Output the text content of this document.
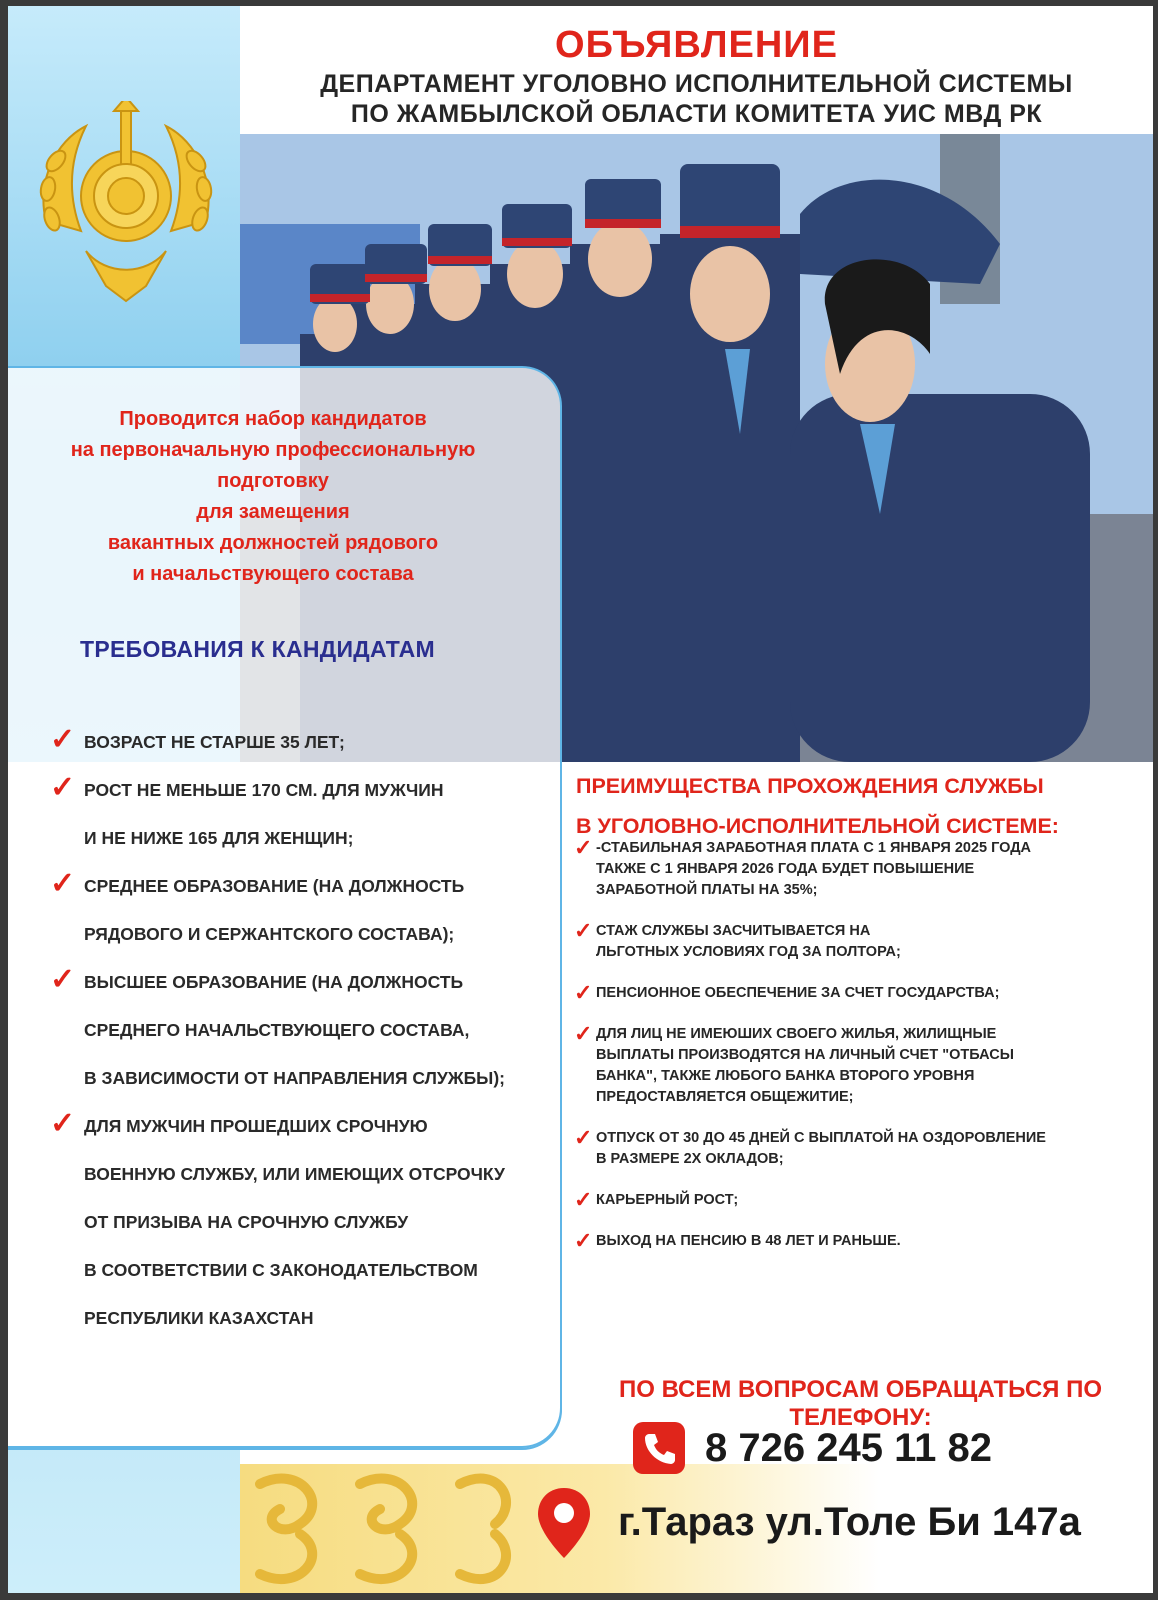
ОБЪЯВЛЕНИЕ
ДЕПАРТАМЕНТ УГОЛОВНО ИСПОЛНИТЕЛЬНОЙ СИСТЕМЫ
ПО ЖАМБЫЛСКОЙ ОБЛАСТИ КОМИТЕТА УИС МВД РК
Проводится набор кандидатов
на первоначальную профессиональную
подготовку
для замещения
вакантных должностей рядового
и начальствующего состава
ТРЕБОВАНИЯ К КАНДИДАТАМ
✓ ВОЗРАСТ НЕ СТАРШЕ 35 ЛЕТ;
✓ РОСТ НЕ МЕНЬШЕ 170 СМ. ДЛЯ МУЖЧИН
И НЕ НИЖЕ 165 ДЛЯ ЖЕНЩИН;
✓ СРЕДНЕЕ ОБРАЗОВАНИЕ (НА ДОЛЖНОСТЬ
РЯДОВОГО И СЕРЖАНТСКОГО СОСТАВА);
✓ ВЫСШЕЕ ОБРАЗОВАНИЕ (НА ДОЛЖНОСТЬ
СРЕДНЕГО НАЧАЛЬСТВУЮЩЕГО СОСТАВА,
В ЗАВИСИМОСТИ ОТ НАПРАВЛЕНИЯ СЛУЖБЫ);
✓ ДЛЯ МУЖЧИН ПРОШЕДШИХ СРОЧНУЮ
ВОЕННУЮ СЛУЖБУ, ИЛИ ИМЕЮЩИХ ОТСРОЧКУ
ОТ ПРИЗЫВА НА СРОЧНУЮ СЛУЖБУ
В СООТВЕТСТВИИ С ЗАКОНОДАТЕЛЬСТВОМ
РЕСПУБЛИКИ КАЗАХСТАН
ПРЕИМУЩЕСТВА ПРОХОЖДЕНИЯ СЛУЖБЫ
В УГОЛОВНО-ИСПОЛНИТЕЛЬНОЙ СИСТЕМЕ:
✓ -СТАБИЛЬНАЯ ЗАРАБОТНАЯ ПЛАТА С 1 ЯНВАРЯ 2025 ГОДА
ТАКЖЕ С 1 ЯНВАРЯ 2026 ГОДА БУДЕТ ПОВЫШЕНИЕ
ЗАРАБОТНОЙ ПЛАТЫ НА 35%;
✓ СТАЖ СЛУЖБЫ ЗАСЧИТЫВАЕТСЯ НА
ЛЬГОТНЫХ УСЛОВИЯХ ГОД ЗА ПОЛТОРА;
✓ ПЕНСИОННОЕ ОБЕСПЕЧЕНИЕ ЗА СЧЕТ ГОСУДАРСТВА;
✓ ДЛЯ ЛИЦ НЕ ИМЕЮШИХ СВОЕГО ЖИЛЬЯ, ЖИЛИЩНЫЕ
ВЫПЛАТЫ ПРОИЗВОДЯТСЯ НА ЛИЧНЫЙ СЧЕТ "ОТБАСЫ
БАНКА", ТАКЖЕ ЛЮБОГО БАНКА ВТОРОГО УРОВНЯ
ПРЕДОСТАВЛЯЕТСЯ ОБЩЕЖИТИЕ;
✓ ОТПУСК ОТ 30 ДО 45 ДНЕЙ С ВЫПЛАТОЙ НА ОЗДОРОВЛЕНИЕ
В РАЗМЕРЕ 2Х ОКЛАДОВ;
✓ КАРЬЕРНЫЙ РОСТ;
✓ ВЫХОД НА ПЕНСИЮ В 48 ЛЕТ И РАНЬШЕ.
ПО ВСЕМ ВОПРОСАМ ОБРАЩАТЬСЯ ПО ТЕЛЕФОНУ:
8 726 245 11 82
г.Тараз ул.Толе Би 147а
